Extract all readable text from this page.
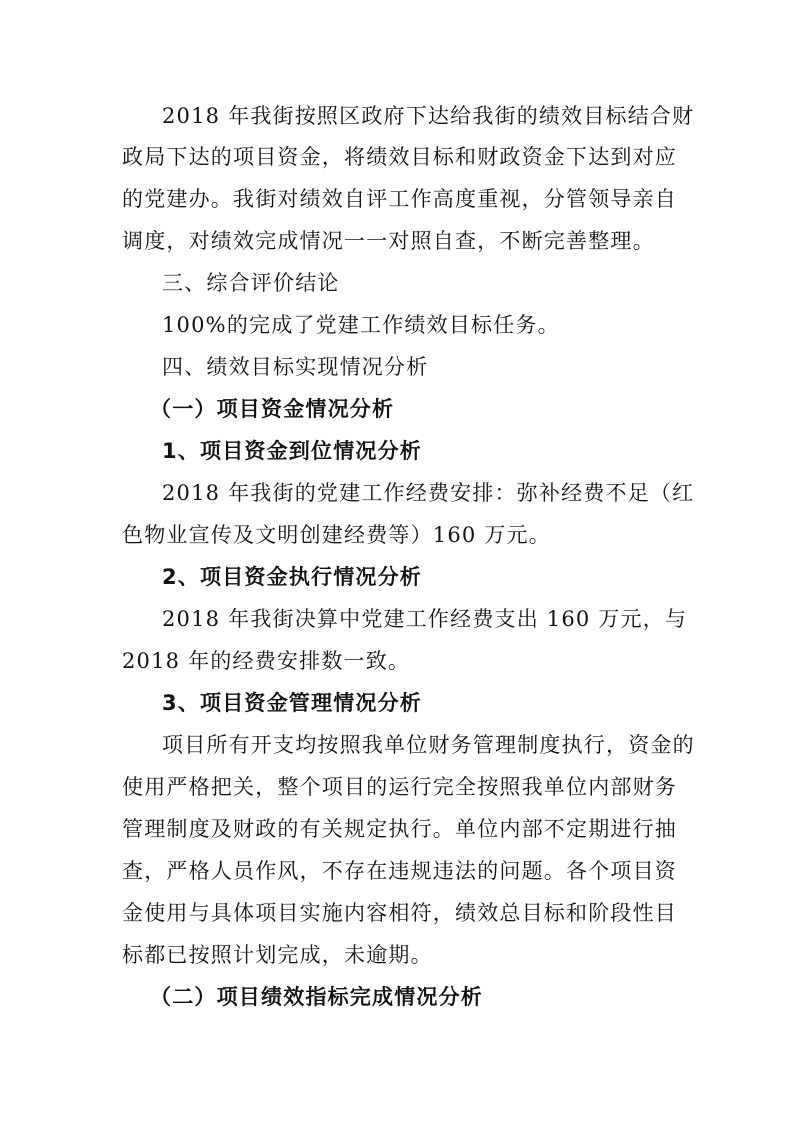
2018 年我街按照区政府下达给我街的绩效目标结合财
政局下达的项目资金，将绩效目标和财政资金下达到对应
的党建办。我街对绩效自评工作高度重视，分管领导亲自
调度，对绩效完成情况一一对照自查，不断完善整理。
三、综合评价结论
100%的完成了党建工作绩效目标任务。
四、绩效目标实现情况分析
（一）项目资金情况分析
1、项目资金到位情况分析
2018 年我街的党建工作经费安排：弥补经费不足（红
色物业宣传及文明创建经费等）160 万元。
2、项目资金执行情况分析
2018 年我街决算中党建工作经费支出 160 万元，与
2018 年的经费安排数一致。
3、项目资金管理情况分析
项目所有开支均按照我单位财务管理制度执行，资金的
使用严格把关，整个项目的运行完全按照我单位内部财务
管理制度及财政的有关规定执行。单位内部不定期进行抽
查，严格人员作风，不存在违规违法的问题。各个项目资
金使用与具体项目实施内容相符，绩效总目标和阶段性目
标都已按照计划完成，未逾期。
（二）项目绩效指标完成情况分析
